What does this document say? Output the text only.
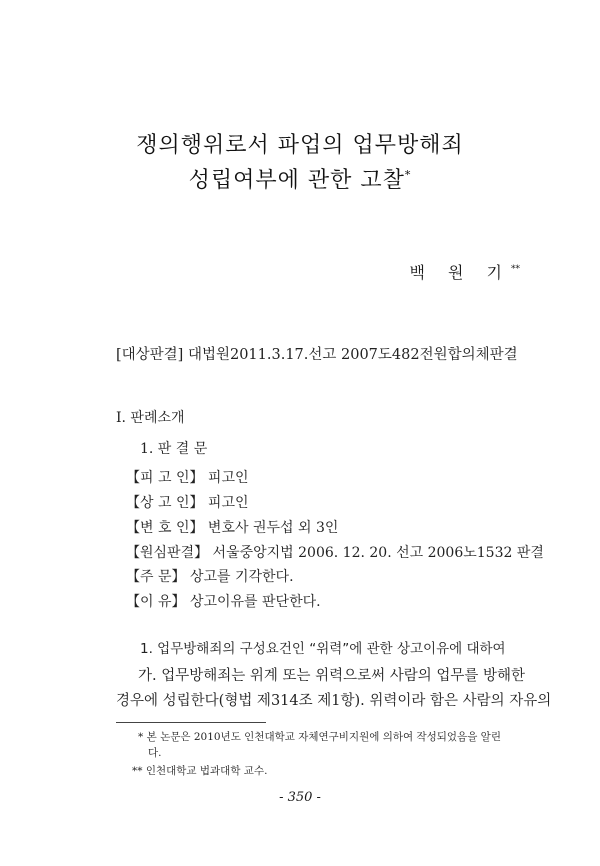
쟁의행위로서 파업의 업무방해죄
성립여부에 관한 고찰*
백 원 기**
[대상판결] 대법원2011.3.17.선고 2007도482전원합의체판결
Ⅰ. 판례소개
1. 판 결 문
【피 고 인】 피고인
【상 고 인】 피고인
【변 호 인】 변호사 권두섭 외 3인
【원심판결】 서울중앙지법 2006. 12. 20. 선고 2006노1532 판결
【주 문】 상고를 기각한다.
【이 유】 상고이유를 판단한다.
1. 업무방해죄의 구성요건인 “위력”에 관한 상고이유에 대하여
가. 업무방해죄는 위계 또는 위력으로써 사람의 업무를 방해한
경우에 성립한다(형법 제314조 제1항). 위력이라 함은 사람의 자유의
* 본 논문은 2010년도 인천대학교 자체연구비지원에 의하여 작성되었음을 알린
다.
** 인천대학교 법과대학 교수.
- 350 -
